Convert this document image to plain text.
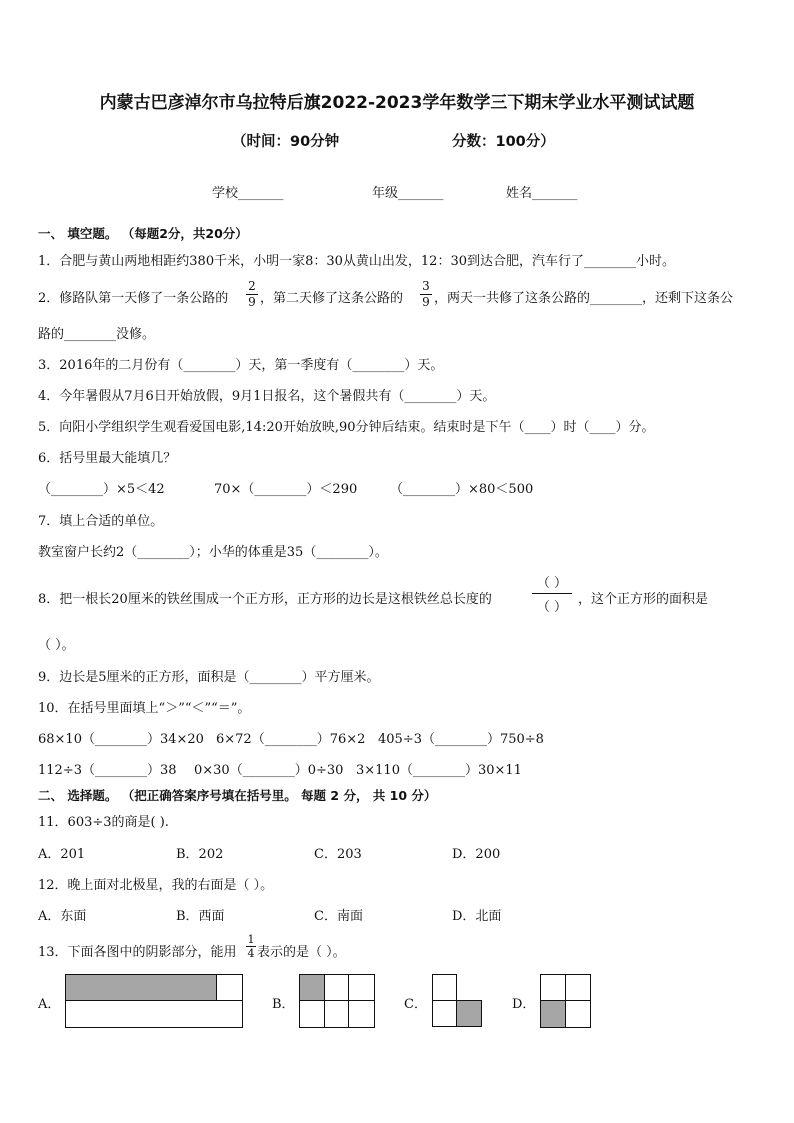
内蒙古巴彦淖尔市乌拉特后旗2022-2023学年数学三下期末学业水平测试试题
（时间：90分钟	分数：100分）
学校_______	年级_______	姓名_______
一、 填空题。 （每题2分，共20分）
1．合肥与黄山两地相距约380千米，小明一家8：30从黄山出发，12：30到达合肥，汽车行了________小时。
2．修路队第一天修了一条公路的
2
9 ，第二天修了这条公路的
3
9 ，两天一共修了这条公路的________，还剩下这条公
路的________没修。
3．2016年的二月份有（________）天，第一季度有（________）天。
4．今年暑假从7月6日开始放假，9月1日报名，这个暑假共有（________）天。
5．向阳小学组织学生观看爱国电影,14:20开始放映,90分钟后结束。结束时是下午（____）时（____）分。
6．括号里最大能填几？
（________）×5＜42	70×（________）＜290	（________）×80＜500
7．填上合适的单位。
教室窗户长约2（________）；小华的体重是35（________）。
8．把一根长20厘米的铁丝围成一个正方形，正方形的边长是这根铁丝总长度的
（ ）
（ ）
，这个正方形的面积是
（ ）。
9．边长是5厘米的正方形，面积是（________）平方厘米。
10．在括号里面填上“＞”“＜”“＝”。
68×10（________）34×20 6×72（________）76×2 405÷3（________）750÷8
112÷3（________）38 0×30（________）0÷30 3×110（________）30×11
二、 选择题。 （把正确答案序号填在括号里。 每题 2 分， 共 10 分）
11．603÷3的商是( ).
A．201	B．202	C．203	D．200
12．晚上面对北极星，我的右面是（ ）。
A．东面	B．西面	C．南面	D．北面
13．下面各图中的阴影部分，能用
1
4 表示的是（ ）。
A．
		B．

			C．	D．
